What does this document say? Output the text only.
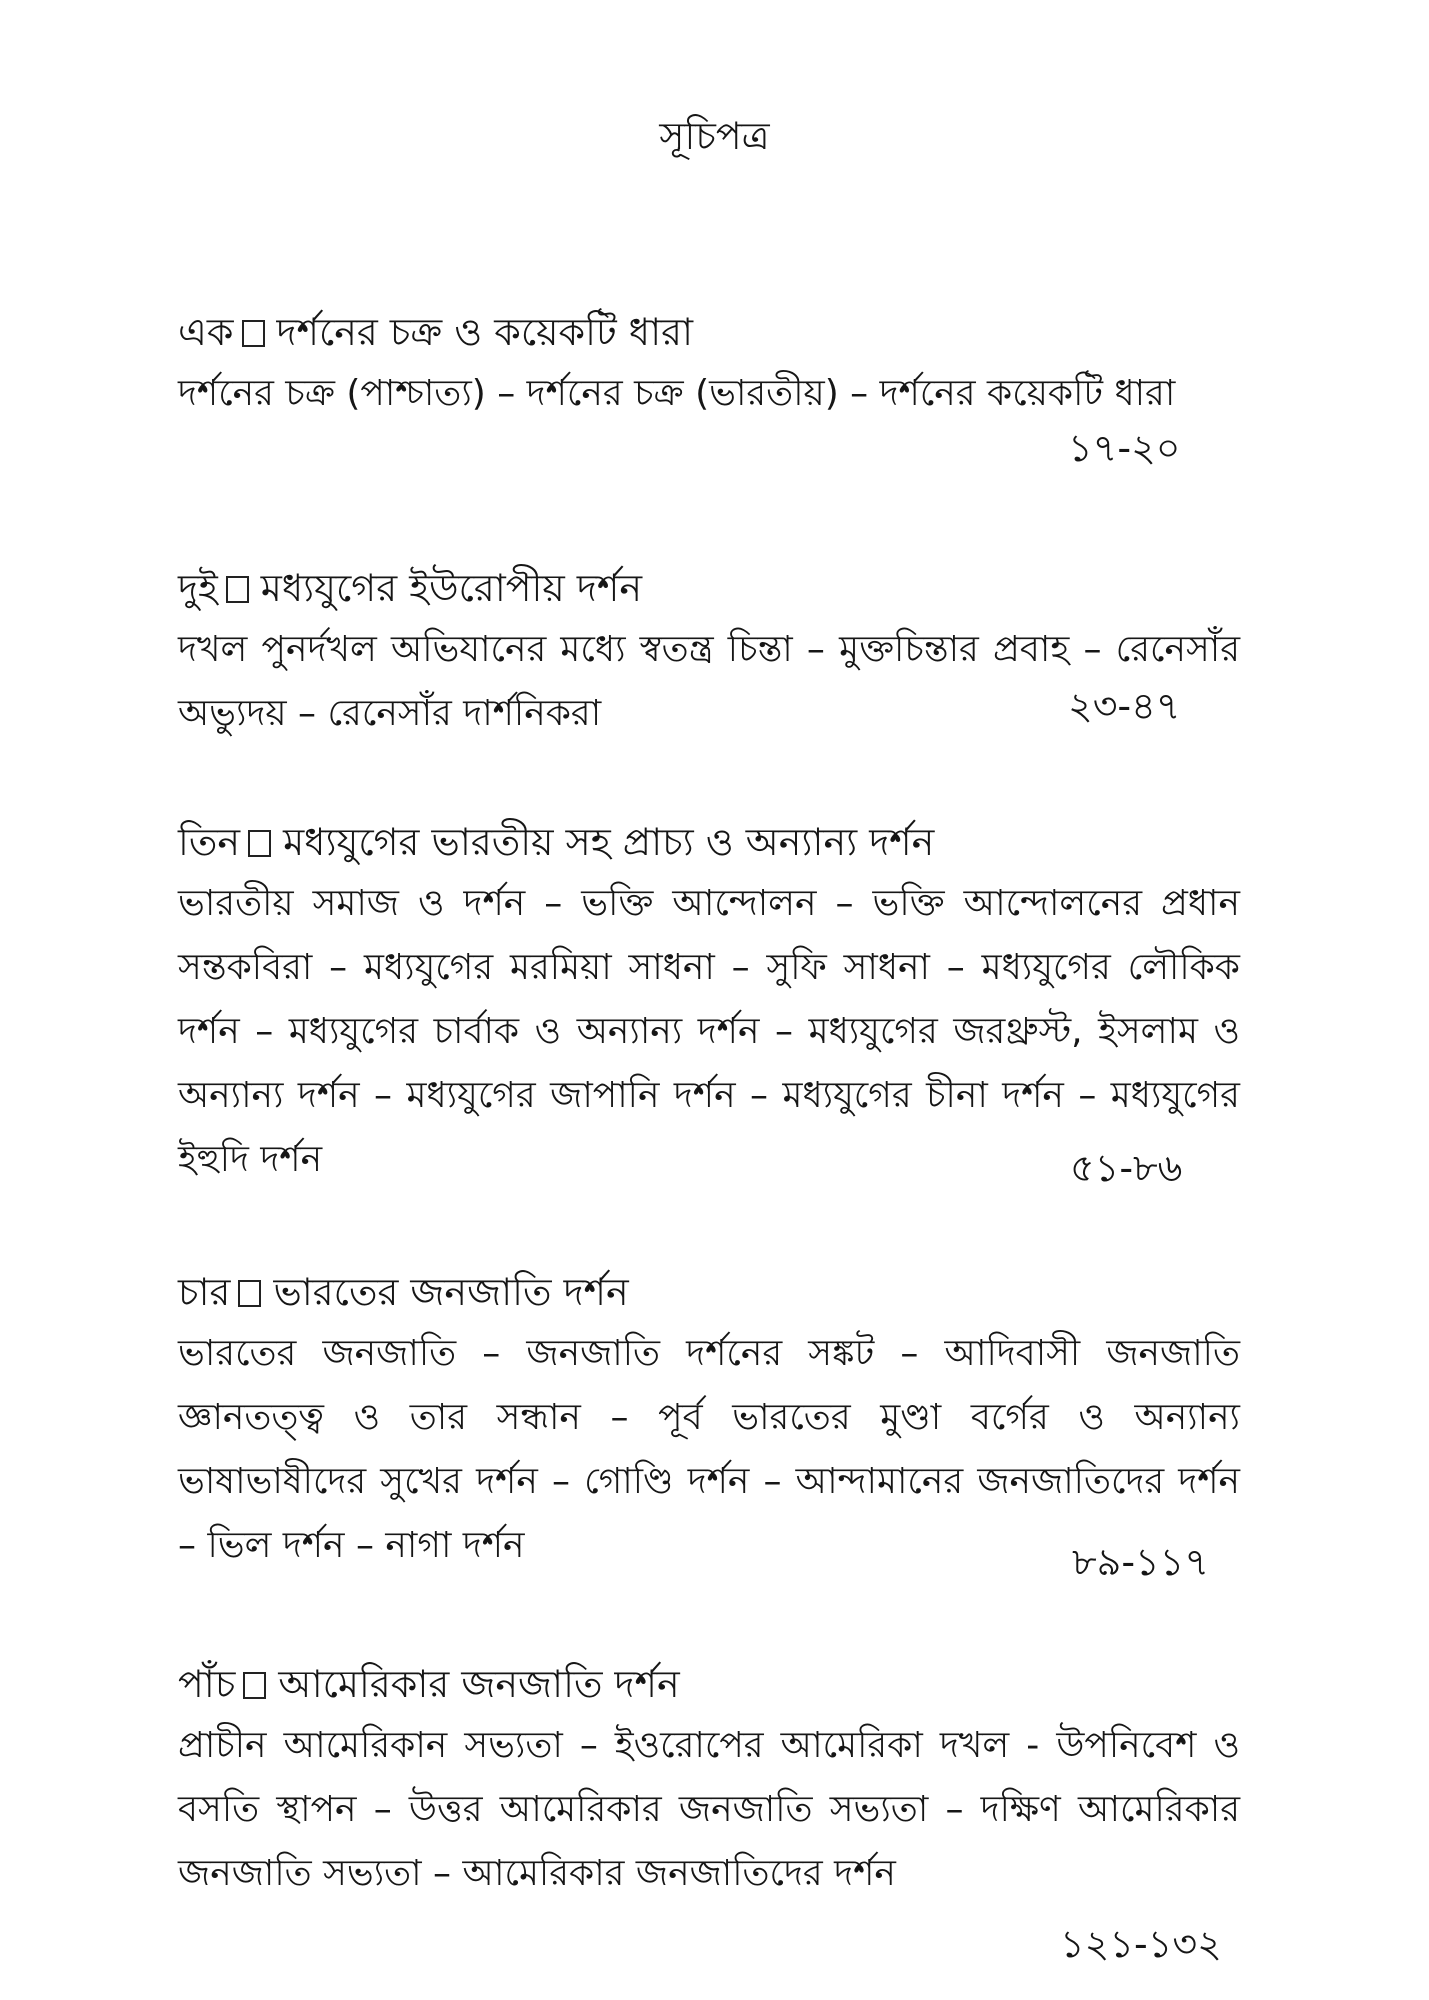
সূচিপত্র
এক দর্শনের চক্র ও কয়েকটি ধারা
দর্শনের চক্র (পাশ্চাত্য) – দর্শনের চক্র (ভারতীয়) – দর্শনের কয়েকটি ধারা
১৭-২০
দুই মধ্যযুগের ইউরোপীয় দর্শন
দখল পুনর্দখল অভিযানের মধ্যে স্বতন্ত্র চিন্তা – মুক্তচিন্তার প্রবাহ – রেনেসাঁর অভ্যুদয় – রেনেসাঁর দার্শনিকরা	২৩-৪৭
তিন মধ্যযুগের ভারতীয় সহ প্রাচ্য ও অন্যান্য দর্শন
ভারতীয় সমাজ ও দর্শন – ভক্তি আন্দোলন – ভক্তি আন্দোলনের প্রধান সন্তকবিরা – মধ্যযুগের মরমিয়া সাধনা – সুফি সাধনা – মধ্যযুগের লৌকিক দর্শন – মধ্যযুগের চার্বাক ও অন্যান্য দর্শন – মধ্যযুগের জরথ্রুস্ট, ইসলাম ও অন্যান্য দর্শন – মধ্যযুগের জাপানি দর্শন – মধ্যযুগের চীনা দর্শন – মধ্যযুগের ইহুদি দর্শন	৫১-৮৬
চার ভারতের জনজাতি দর্শন
ভারতের জনজাতি – জনজাতি দর্শনের সঙ্কট – আদিবাসী জনজাতি জ্ঞানতত্ত্ব ও তার সন্ধান – পূর্ব ভারতের মুণ্ডা বর্গের ও অন্যান্য ভাষাভাষীদের সুখের দর্শন – গোণ্ডি দর্শন – আন্দামানের জনজাতিদের দর্শন – ভিল দর্শন – নাগা দর্শন	৮৯-১১৭
পাঁচ আমেরিকার জনজাতি দর্শন
প্রাচীন আমেরিকান সভ্যতা – ইওরোপের আমেরিকা দখল - উপনিবেশ ও বসতি স্থাপন – উত্তর আমেরিকার জনজাতি সভ্যতা – দক্ষিণ আমেরিকার জনজাতি সভ্যতা – আমেরিকার জনজাতিদের দর্শন
১২১-১৩২
